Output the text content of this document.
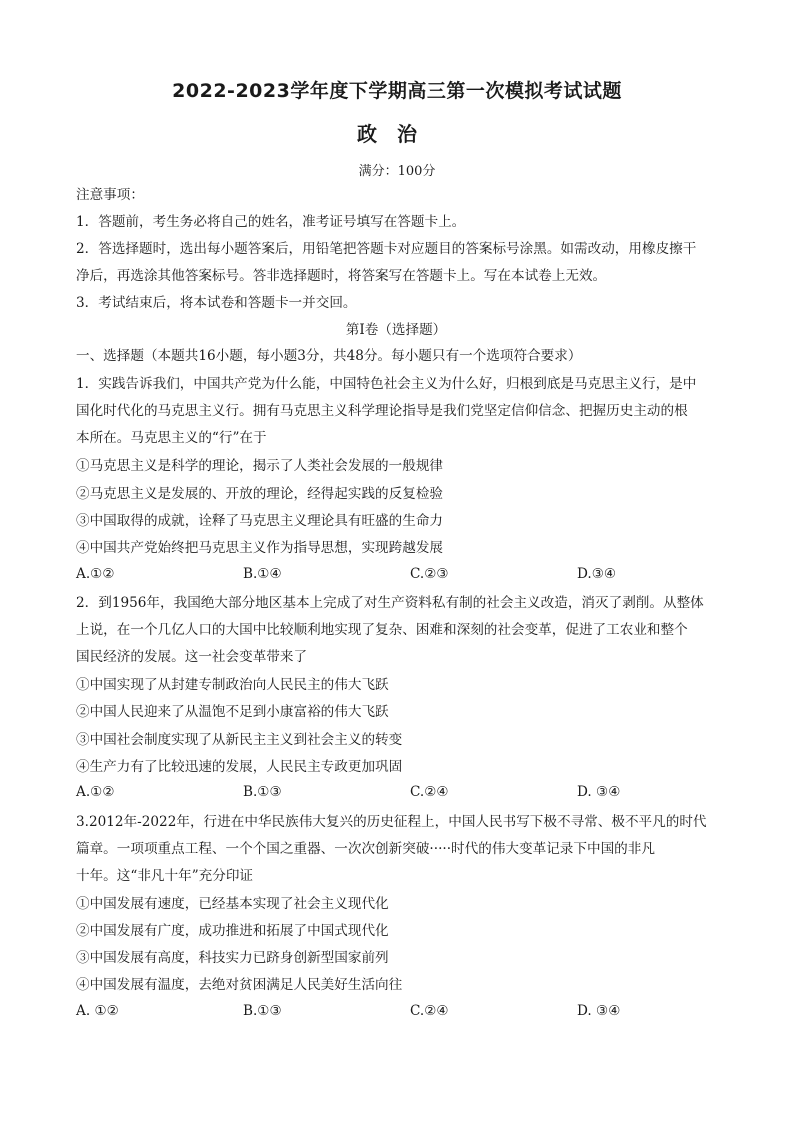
2022-2023学年度下学期高三第一次模拟考试试题
政治
满分：100分
注意事项：
1．答题前，考生务必将自己的姓名，准考证号填写在答题卡上。
2．答选择题时，选出每小题答案后，用铅笔把答题卡对应题目的答案标号涂黑。如需改动，用橡皮擦干
净后，再选涂其他答案标号。答非选择题时，将答案写在答题卡上。写在本试卷上无效。
3．考试结束后，将本试卷和答题卡一并交回。
第Ⅰ卷（选择题）
一、选择题（本题共16小题，每小题3分，共48分。每小题只有一个选项符合要求）
1．实践告诉我们，中国共产党为什么能，中国特色社会主义为什么好，归根到底是马克思主义行，是中
国化时代化的马克思主义行。拥有马克思主义科学理论指导是我们党坚定信仰信念、把握历史主动的根
本所在。马克思主义的“行”在于
①马克思主义是科学的理论，揭示了人类社会发展的一般规律
②马克思主义是发展的、开放的理论，经得起实践的反复检验
③中国取得的成就，诠释了马克思主义理论具有旺盛的生命力
④中国共产党始终把马克思主义作为指导思想，实现跨越发展
A.①②	B.①④	C.②③	D.③④
2．到1956年，我国绝大部分地区基本上完成了对生产资料私有制的社会主义改造，消灭了剥削。从整体
上说，在一个几亿人口的大国中比较顺利地实现了复杂、困难和深刻的社会变革，促进了工农业和整个
国民经济的发展。这一社会变革带来了
①中国实现了从封建专制政治向人民民主的伟大飞跃
②中国人民迎来了从温饱不足到小康富裕的伟大飞跃
③中国社会制度实现了从新民主主义到社会主义的转变
④生产力有了比较迅速的发展，人民民主专政更加巩固
A.①②	B.①③	C.②④	D. ③④
3.2012年-2022年，行进在中华民族伟大复兴的历史征程上，中国人民书写下极不寻常、极不平凡的时代
篇章。一项项重点工程、一个个国之重器、一次次创新突破·····时代的伟大变革记录下中国的非凡
十年。这“非凡十年”充分印证
①中国发展有速度，已经基本实现了社会主义现代化
②中国发展有广度，成功推进和拓展了中国式现代化
③中国发展有高度，科技实力已跻身创新型国家前列
④中国发展有温度，去绝对贫困满足人民美好生活向往
A. ①②	B.①③	C.②④	D. ③④
